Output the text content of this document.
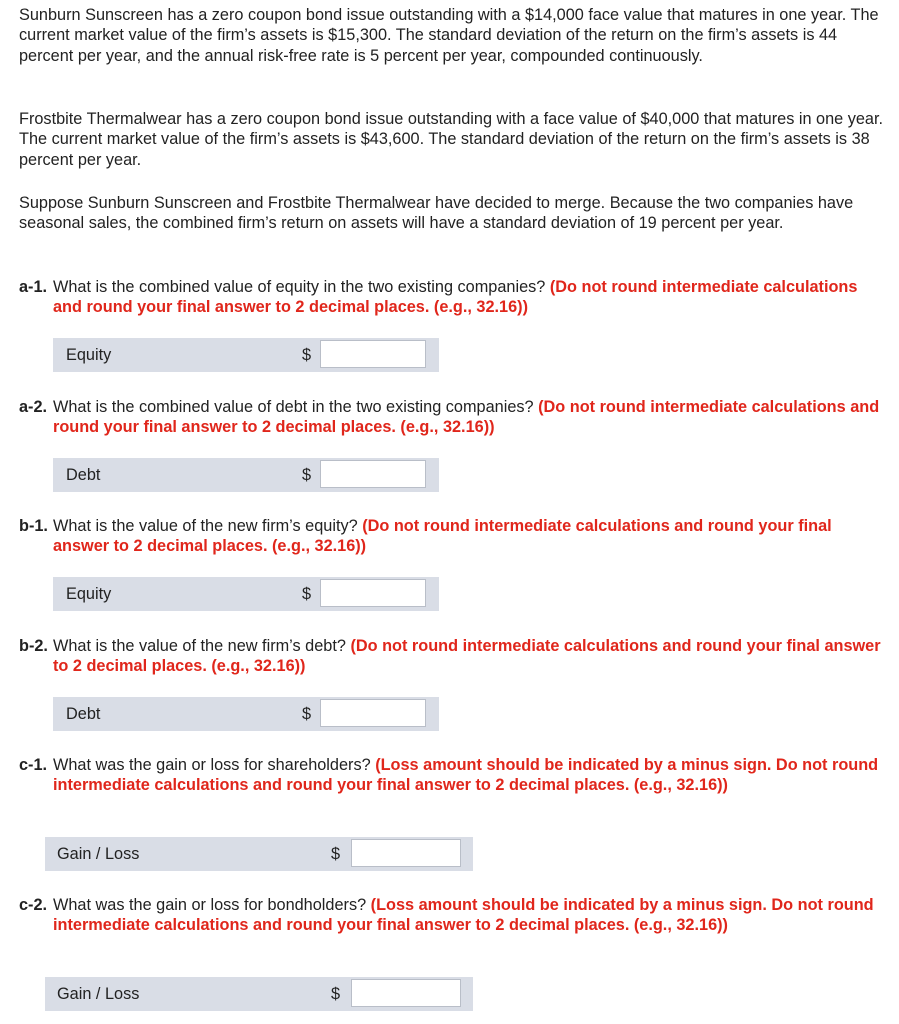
Sunburn Sunscreen has a zero coupon bond issue outstanding with a $14,000 face value that matures in one year. The current market value of the firm’s assets is $15,300. The standard deviation of the return on the firm’s assets is 44 percent per year, and the annual risk-free rate is 5 percent per year, compounded continuously.

Frostbite Thermalwear has a zero coupon bond issue outstanding with a face value of $40,000 that matures in one year. The current market value of the firm’s assets is $43,600. The standard deviation of the return on the firm’s assets is 38 percent per year.

Suppose Sunburn Sunscreen and Frostbite Thermalwear have decided to merge. Because the two companies have seasonal sales, the combined firm’s return on assets will have a standard deviation of 19 percent per year.

a-1. What is the combined value of equity in the two existing companies? (Do not round intermediate calculations and round your final answer to 2 decimal places. (e.g., 32.16))
Equity	$
a-2. What is the combined value of debt in the two existing companies? (Do not round intermediate calculations and round your final answer to 2 decimal places. (e.g., 32.16))
Debt	$
b-1. What is the value of the new firm’s equity? (Do not round intermediate calculations and round your final answer to 2 decimal places. (e.g., 32.16))
Equity	$
b-2. What is the value of the new firm’s debt? (Do not round intermediate calculations and round your final answer to 2 decimal places. (e.g., 32.16))
Debt	$
c-1. What was the gain or loss for shareholders? (Loss amount should be indicated by a minus sign. Do not round intermediate calculations and round your final answer to 2 decimal places. (e.g., 32.16))
Gain / Loss	$
c-2. What was the gain or loss for bondholders? (Loss amount should be indicated by a minus sign. Do not round intermediate calculations and round your final answer to 2 decimal places. (e.g., 32.16))
Gain / Loss	$
